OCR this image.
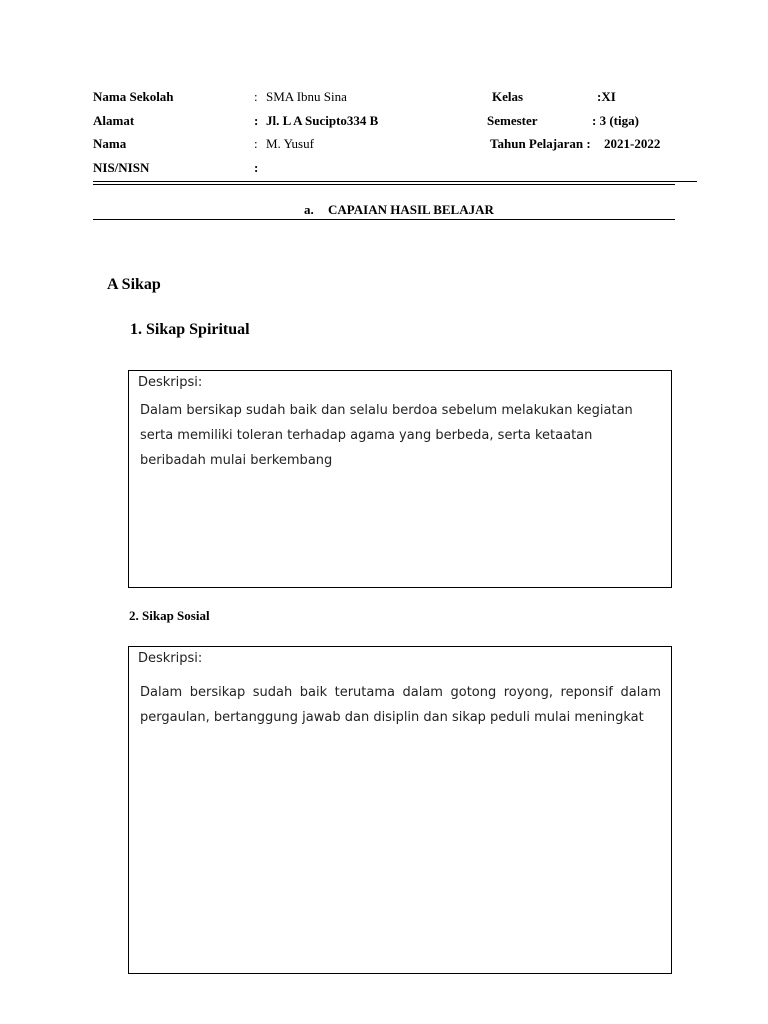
Nama Sekolah	: SMA Ibnu Sina	Kelas	:XI
Alamat	: Jl. L A Sucipto334 B	Semester	: 3 (tiga)
Nama	: M. Yusuf	Tahun Pelajaran : 2021-2022
NIS/NISN	:
a. CAPAIAN HASIL BELAJAR
A Sikap
1. Sikap Spiritual
Deskripsi:
Dalam bersikap sudah baik dan selalu berdoa sebelum melakukan kegiatan serta memiliki toleran terhadap agama yang berbeda, serta ketaatan beribadah mulai berkembang
2. Sikap Sosial
Deskripsi:
Dalam bersikap sudah baik terutama dalam gotong royong, reponsif dalam pergaulan, bertanggung jawab dan disiplin dan sikap peduli mulai meningkat
